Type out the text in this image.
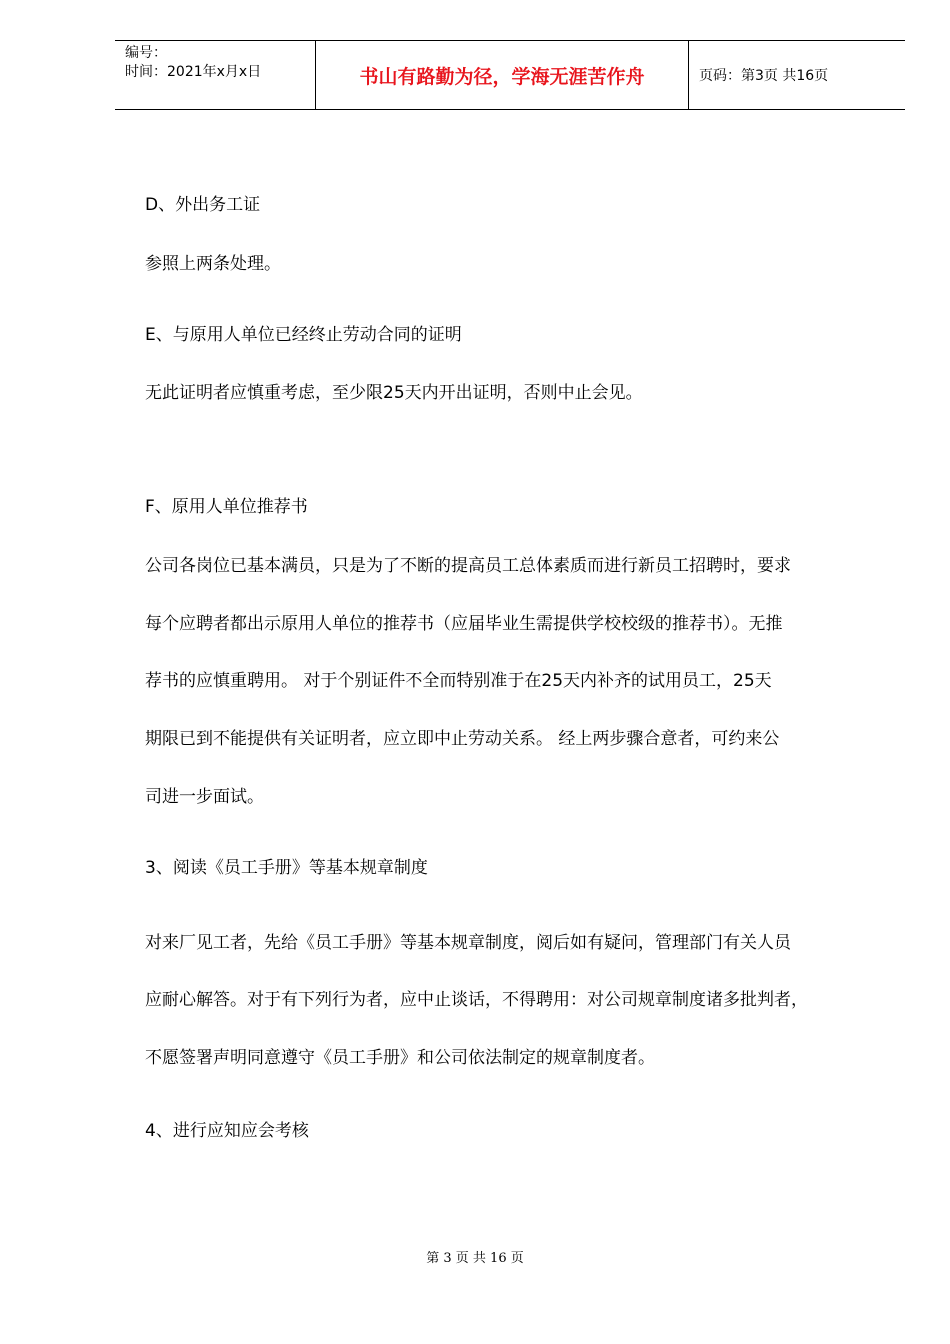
编号：
时间：2021年x月x日	书山有路勤为径，学海无涯苦作舟	页码：第3页 共16页

D、外出务工证

参照上两条处理。

E、与原用人单位已经终止劳动合同的证明

无此证明者应慎重考虑，至少限25天内开出证明，否则中止会见。

F、原用人单位推荐书

公司各岗位已基本满员，只是为了不断的提高员工总体素质而进行新员工招聘时，要求

每个应聘者都出示原用人单位的推荐书（应届毕业生需提供学校校级的推荐书）。无推

荐书的应慎重聘用。 对于个别证件不全而特别准于在25天内补齐的试用员工，25天

期限已到不能提供有关证明者，应立即中止劳动关系。 经上两步骤合意者，可约来公

司进一步面试。

3、阅读《员工手册》等基本规章制度

对来厂见工者，先给《员工手册》等基本规章制度，阅后如有疑问，管理部门有关人员

应耐心解答。对于有下列行为者，应中止谈话，不得聘用：对公司规章制度诸多批判者，

不愿签署声明同意遵守《员工手册》和公司依法制定的规章制度者。

4、进行应知应会考核

第 3 页 共 16 页
